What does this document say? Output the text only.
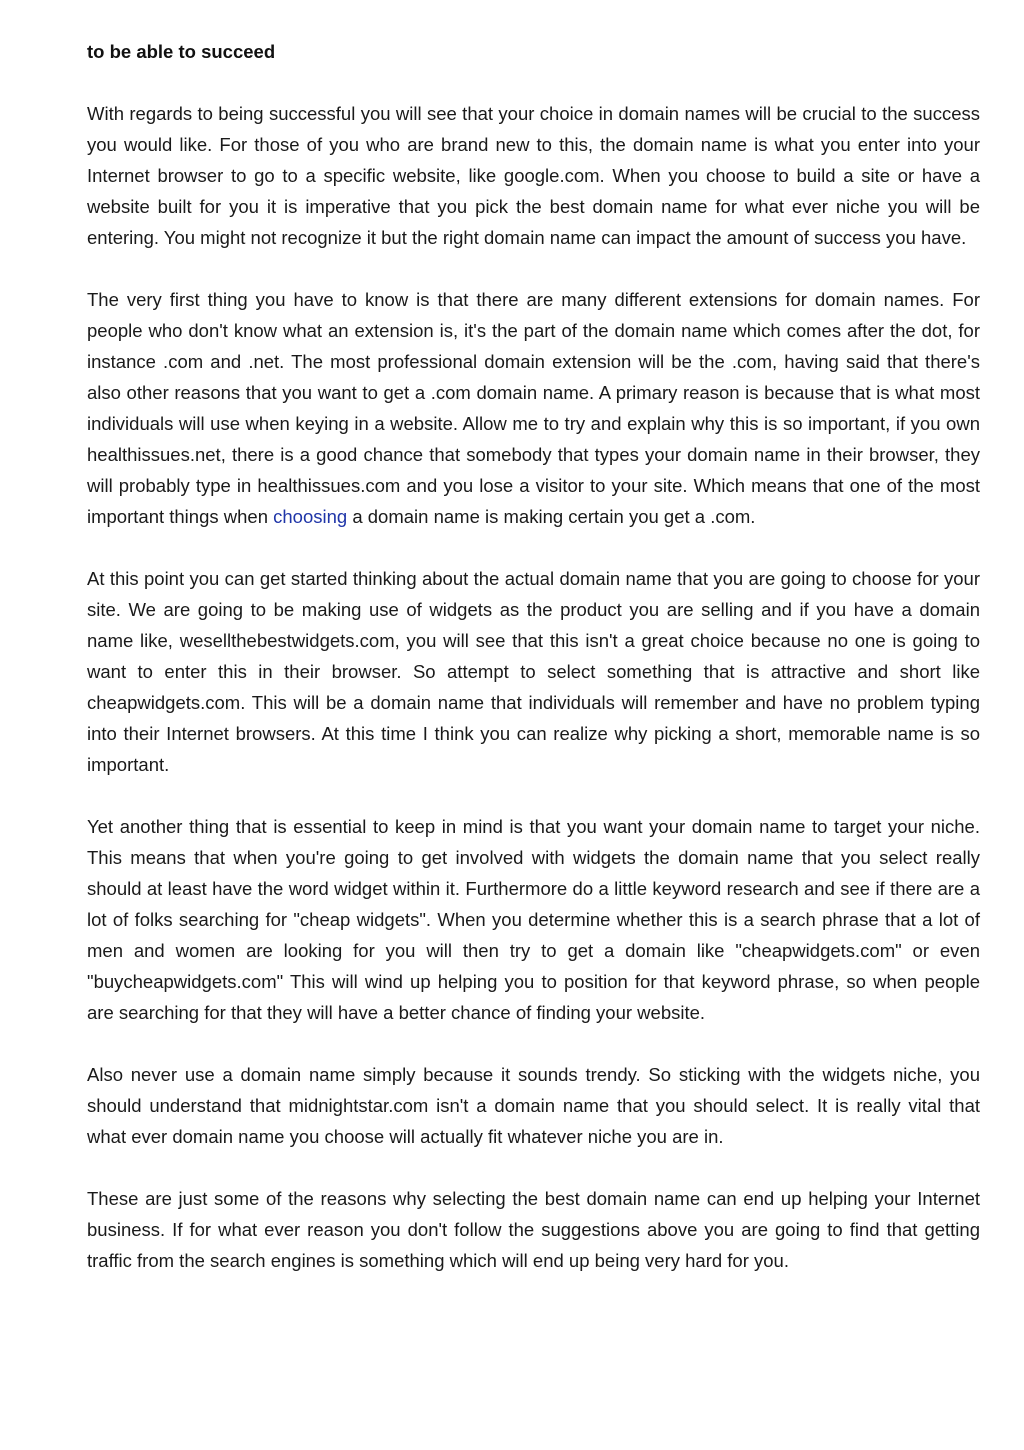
to be able to succeed

With regards to being successful you will see that your choice in domain names will be crucial to the success you would like. For those of you who are brand new to this, the domain name is what you enter into your Internet browser to go to a specific website, like google.com. When you choose to build a site or have a website built for you it is imperative that you pick the best domain name for what ever niche you will be entering. You might not recognize it but the right domain name can impact the amount of success you have.

The very first thing you have to know is that there are many different extensions for domain names. For people who don't know what an extension is, it's the part of the domain name which comes after the dot, for instance .com and .net. The most professional domain extension will be the .com, having said that there's also other reasons that you want to get a .com domain name. A primary reason is because that is what most individuals will use when keying in a website. Allow me to try and explain why this is so important, if you own healthissues.net, there is a good chance that somebody that types your domain name in their browser, they will probably type in healthissues.com and you lose a visitor to your site. Which means that one of the most important things when choosing a domain name is making certain you get a .com.

At this point you can get started thinking about the actual domain name that you are going to choose for your site. We are going to be making use of widgets as the product you are selling and if you have a domain name like, wesellthebestwidgets.com, you will see that this isn't a great choice because no one is going to want to enter this in their browser. So attempt to select something that is attractive and short like cheapwidgets.com. This will be a domain name that individuals will remember and have no problem typing into their Internet browsers. At this time I think you can realize why picking a short, memorable name is so important.

Yet another thing that is essential to keep in mind is that you want your domain name to target your niche. This means that when you're going to get involved with widgets the domain name that you select really should at least have the word widget within it. Furthermore do a little keyword research and see if there are a lot of folks searching for "cheap widgets". When you determine whether this is a search phrase that a lot of men and women are looking for you will then try to get a domain like "cheapwidgets.com" or even "buycheapwidgets.com" This will wind up helping you to position for that keyword phrase, so when people are searching for that they will have a better chance of finding your website.

Also never use a domain name simply because it sounds trendy. So sticking with the widgets niche, you should understand that midnightstar.com isn't a domain name that you should select. It is really vital that what ever domain name you choose will actually fit whatever niche you are in.

These are just some of the reasons why selecting the best domain name can end up helping your Internet business. If for what ever reason you don't follow the suggestions above you are going to find that getting traffic from the search engines is something which will end up being very hard for you.
